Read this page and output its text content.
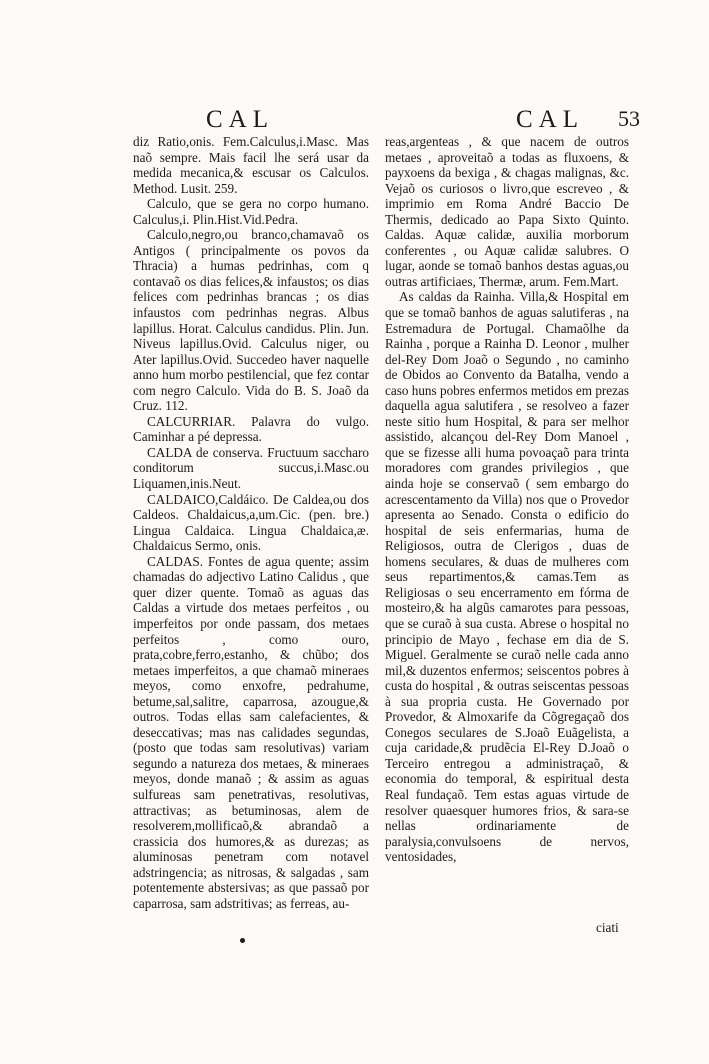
CAL	CAL 53

diz Ratio,onis. Fem.Calculus,i.Masc. Mas naõ sempre. Mais facil lhe será usar da medida mecanica,& escusar os Calculos. Method. Lusit. 259.

Calculo, que se gera no corpo humano. Calculus,i. Plin.Hist.Vid.Pedra.

Calculo,negro,ou branco,chamavaõ os Antigos ( principalmente os povos da Thracia) a humas pedrinhas, com q contavaõ os dias felices,& infaustos; os dias felices com pedrinhas brancas ; os dias infaustos com pedrinhas negras. Albus lapillus. Horat. Calculus candidus. Plin. Jun. Niveus lapillus.Ovid. Calculus niger, ou Ater lapillus.Ovid. Succedeo haver naquelle anno hum morbo pestilencial, que fez contar com negro Calculo. Vida do B. S. Joaõ da Cruz. 112.

CALCURRIAR. Palavra do vulgo. Caminhar a pé depressa.

CALDA de conserva. Fructuum saccharo conditorum succus,i.Masc.ou Liquamen,inis.Neut.

CALDAICO,Caldáico. De Caldea,ou dos Caldeos. Chaldaicus,a,um.Cic. (pen. bre.) Lingua Caldaica. Lingua Chaldaica,æ. Chaldaicus Sermo, onis.

CALDAS. Fontes de agua quente; assim chamadas do adjectivo Latino Calidus , que quer dizer quente. Tomaõ as aguas das Caldas a virtude dos metaes perfeitos , ou imperfeitos por onde passam, dos metaes perfeitos , como ouro, prata,cobre,ferro,estanho, & chũbo; dos metaes imperfeitos, a que chamaõ mineraes meyos, como enxofre, pedrahume, betume,sal,salitre, caparrosa, azougue,& outros. Todas ellas sam calefacientes, & deseccativas; mas nas calidades segundas, (posto que todas sam resolutivas) variam segundo a natureza dos metaes, & mineraes meyos, donde manaõ ; & assim as aguas sulfureas sam penetrativas, resolutivas, attractivas; as betuminosas, alem de resolverem,mollificaõ,& abrandaõ a crassicia dos humores,& as durezas; as aluminosas penetram com notavel adstringencia; as nitrosas, & salgadas , sam potentemente abstersivas; as que passaõ por caparrosa, sam adstritivas; as ferreas, au-

reas,argenteas , & que nacem de outros metaes , aproveitaõ a todas as fluxoens, & payxoens da bexiga , & chagas malignas, &c. Vejaõ os curiosos o livro,que escreveo , & imprimio em Roma André Baccio De Thermis, dedicado ao Papa Sixto Quinto. Caldas. Aquæ calidæ, auxilia morborum conferentes , ou Aquæ calidæ salubres. O lugar, aonde se tomaõ banhos destas aguas,ou outras artificiaes, Thermæ, arum. Fem.Mart.

As caldas da Rainha. Villa,& Hospital em que se tomaõ banhos de aguas salutiferas , na Estremadura de Portugal. Chamaõlhe da Rainha , porque a Rainha D. Leonor , mulher del-Rey Dom Joaõ o Segundo , no caminho de Obidos ao Convento da Batalha, vendo a caso huns pobres enfermos metidos em prezas daquella agua salutifera , se resolveo a fazer neste sitio hum Hospital, & para ser melhor assistido, alcançou del-Rey Dom Manoel , que se fizesse alli huma povoaçaõ para trinta moradores com grandes privilegios , que ainda hoje se conservaõ ( sem embargo do acrescentamento da Villa) nos que o Provedor apresenta ao Senado. Consta o edificio do hospital de seis enfermarias, huma de Religiosos, outra de Clerigos , duas de homens seculares, & duas de mulheres com seus repartimentos,& camas.Tem as Religiosas o seu encerramento em fórma de mosteiro,& ha algũs camarotes para pessoas, que se curaõ à sua custa. Abrese o hospital no principio de Mayo , fechase em dia de S. Miguel. Geralmente se curaõ nelle cada anno mil,& duzentos enfermos; seiscentos pobres à custa do hospital , & outras seiscentas pessoas à sua propria custa. He Governado por Provedor, & Almoxarife da Cõgregaçaõ dos Conegos seculares de S.Joaõ Euãgelista, a cuja caridade,& prudẽcia El-Rey D.Joaõ o Terceiro entregou a administraçaõ, & economia do temporal, & espiritual desta Real fundaçaõ. Tem estas aguas virtude de resolver quaesquer humores frios, & sara-se nellas ordinariamente de paralysia,convulsoens de nervos, ventosidades,

ciati
